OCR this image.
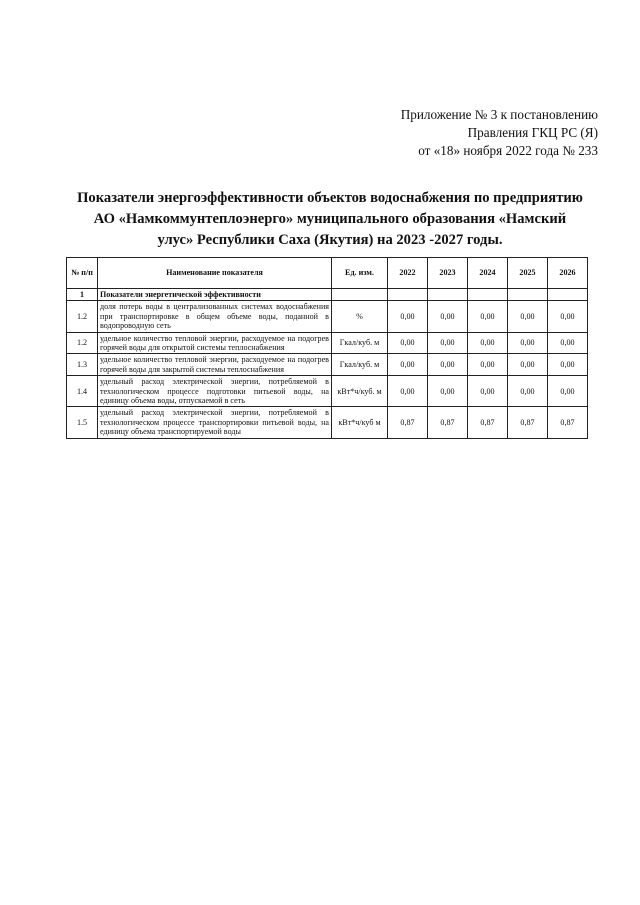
Приложение № 3 к постановлению
Правления ГКЦ РС (Я)
от «18» ноября 2022 года № 233
Показатели энергоэффективности объектов водоснабжения по предприятию
АО «Намкоммунтеплоэнерго» муниципального образования «Намский
улус» Республики Саха (Якутия) на 2023 -2027 годы.
№ п/п	Наименование показателя	Ед. изм.	2022	2023	2024	2025	2026
1	Показатели энергетической эффективности						
1.2	доля потерь воды в централизованных системах водоснабжения при транспортировке в общем объеме воды, поданной в водопроводную сеть	%	0,00	0,00	0,00	0,00	0,00
1.2	удельное количество тепловой энергии, расходуемое на подогрев горячей воды для открытой системы теплоснабжения	Гкал/куб. м	0,00	0,00	0,00	0,00	0,00
1.3	удельное количество тепловой энергии, расходуемое на подогрев горячей воды для закрытой системы теплоснабжения	Гкал/куб. м	0,00	0,00	0,00	0,00	0,00
1.4	удельный расход электрической энергии, потребляемой в технологическом процессе подготовки питьевой воды, на единицу объема воды, отпускаемой в сеть	кВт*ч/куб. м	0,00	0,00	0,00	0,00	0,00
1.5	удельный расход электрической энергии, потребляемой в технологическом процессе транспортировки питьевой воды, на единицу объема транспортируемой воды	кВт*ч/куб м	0,87	0,87	0,87	0,87	0,87
